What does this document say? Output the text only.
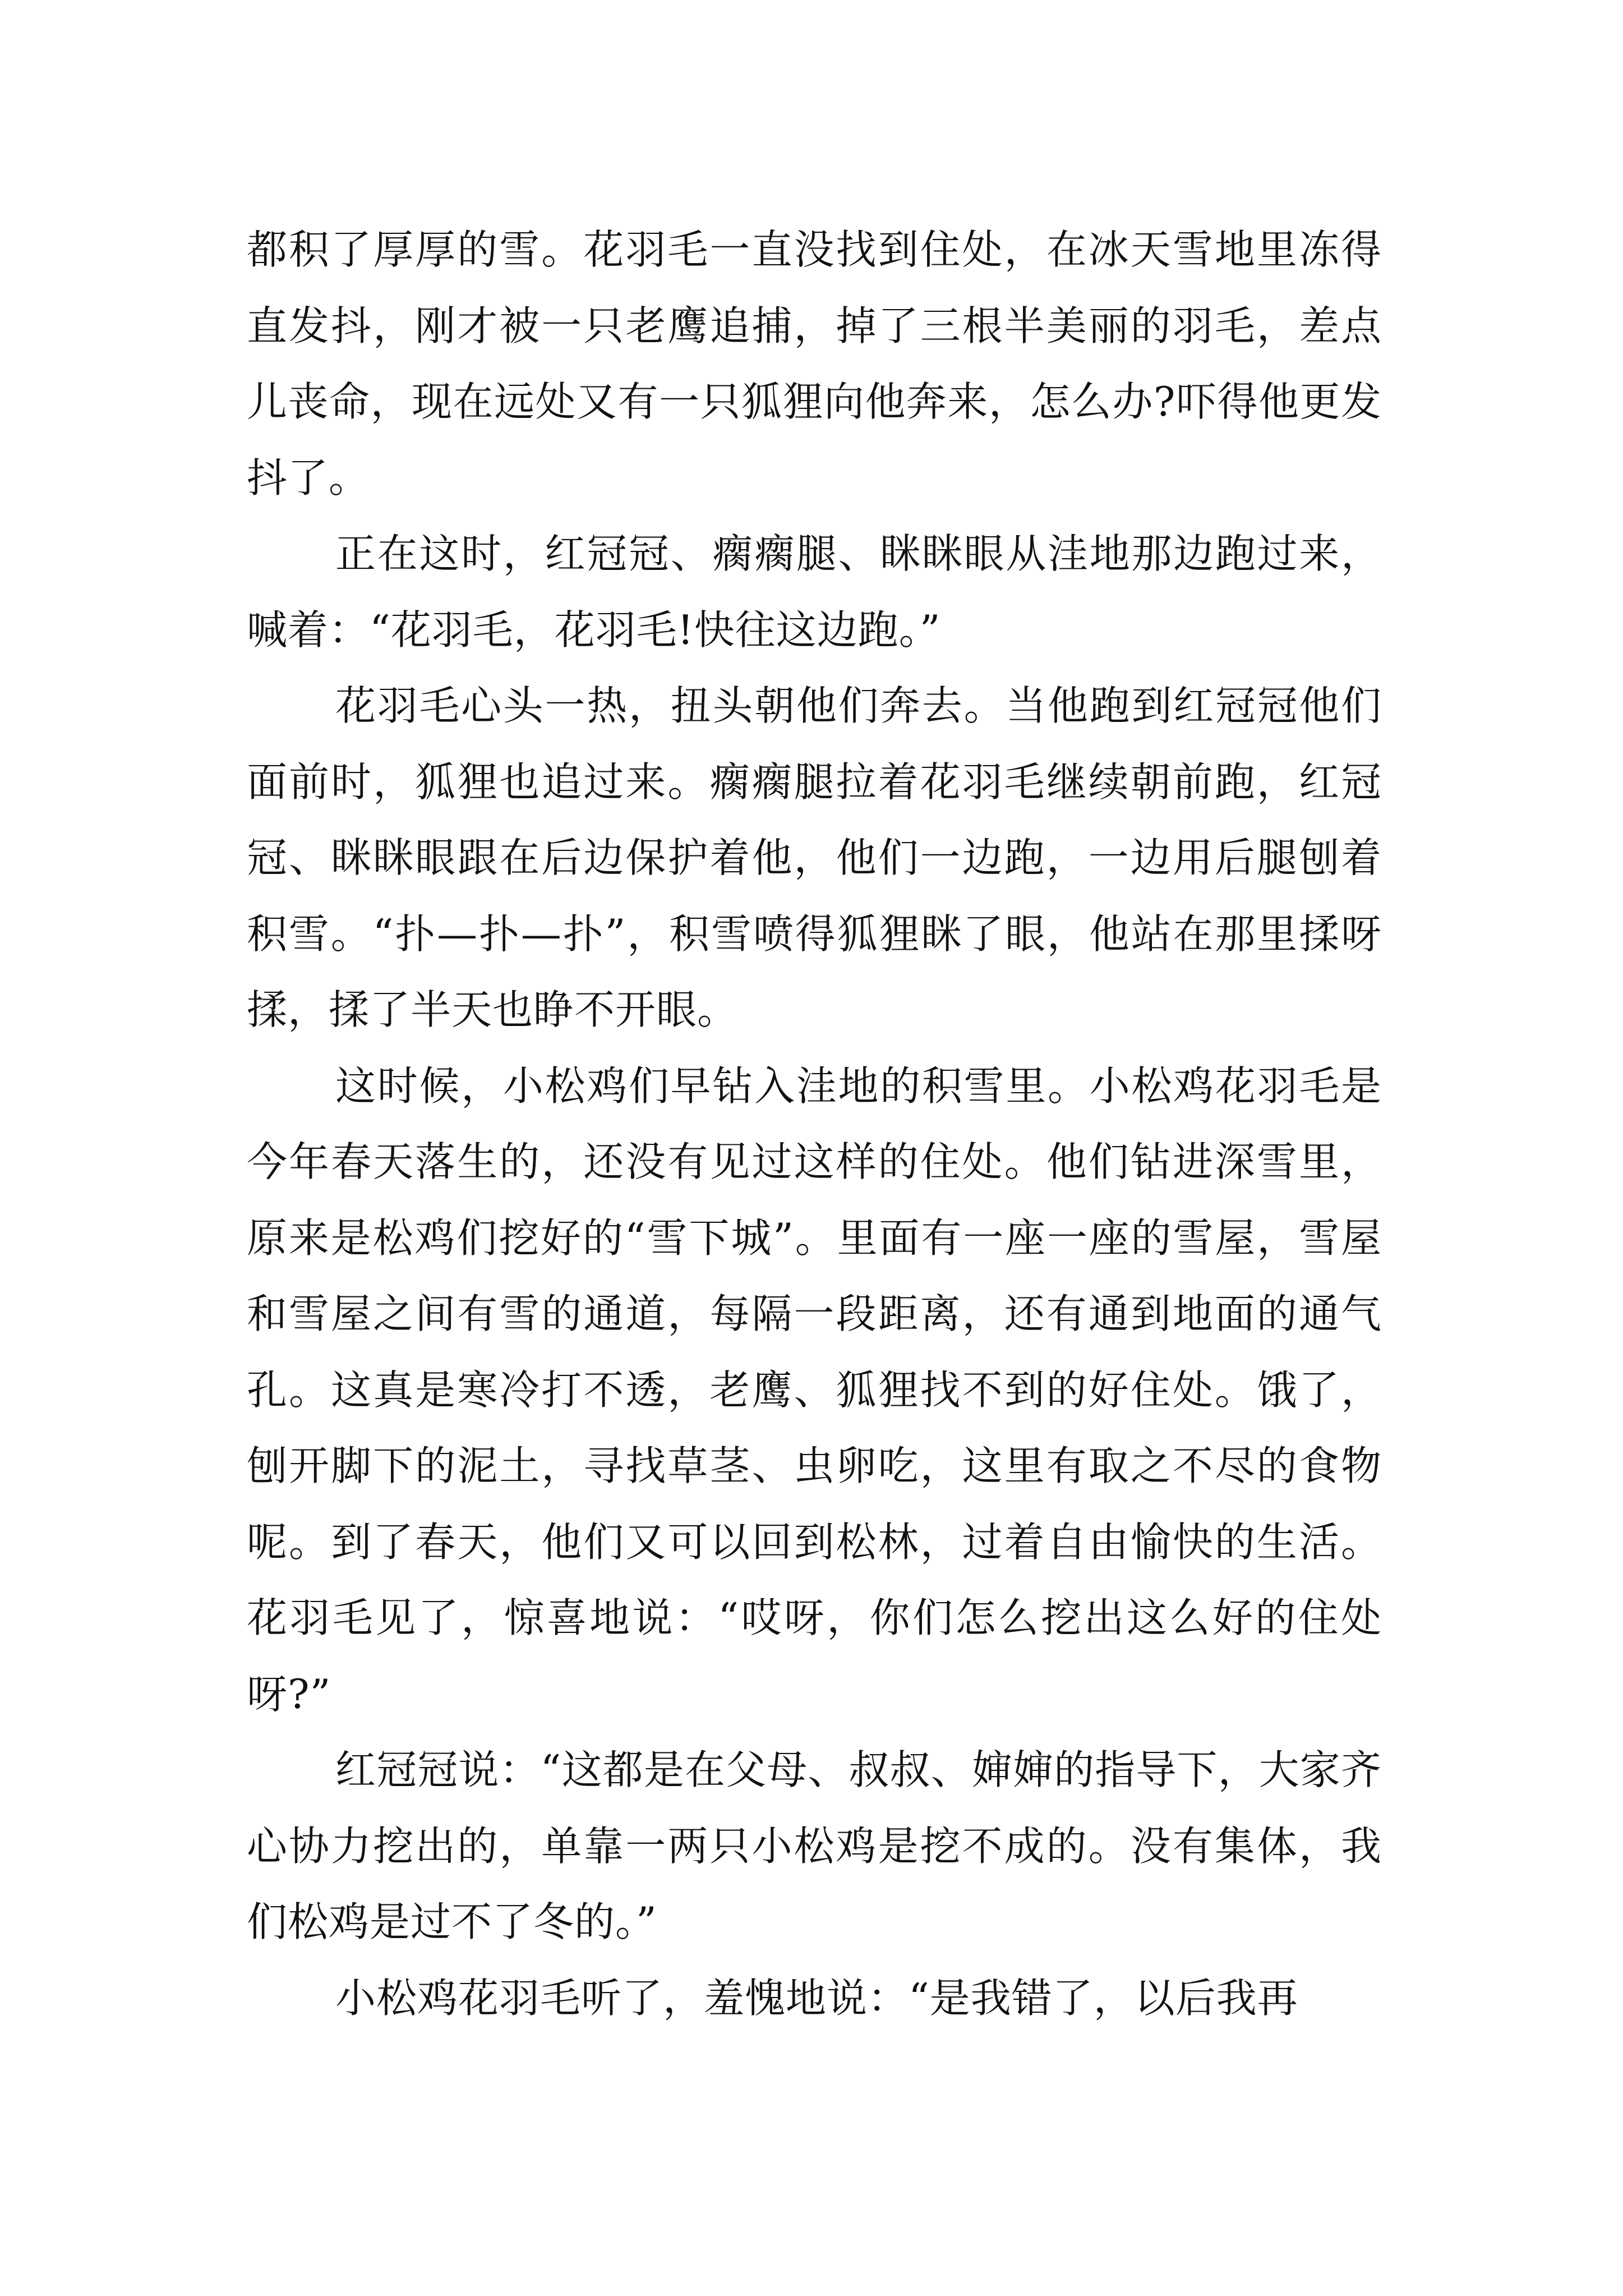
都积了厚厚的雪。花羽毛一直没找到住处，在冰天雪地里冻得直发抖，刚才被一只老鹰追捕，掉了三根半美丽的羽毛，差点儿丧命，现在远处又有一只狐狸向他奔来，怎么办?吓得他更发抖了。

正在这时，红冠冠、瘸瘸腿、眯眯眼从洼地那边跑过来，喊着：“花羽毛，花羽毛!快往这边跑。”

花羽毛心头一热，扭头朝他们奔去。当他跑到红冠冠他们面前时，狐狸也追过来。瘸瘸腿拉着花羽毛继续朝前跑，红冠冠、眯眯眼跟在后边保护着他，他们一边跑，一边用后腿刨着积雪。“扑—扑—扑”，积雪喷得狐狸眯了眼，他站在那里揉呀揉，揉了半天也睁不开眼。

这时候，小松鸡们早钻入洼地的积雪里。小松鸡花羽毛是今年春天落生的，还没有见过这样的住处。他们钻进深雪里，原来是松鸡们挖好的“雪下城”。里面有一座一座的雪屋，雪屋和雪屋之间有雪的通道，每隔一段距离，还有通到地面的通气孔。这真是寒冷打不透，老鹰、狐狸找不到的好住处。饿了，刨开脚下的泥土，寻找草茎、虫卵吃，这里有取之不尽的食物呢。到了春天，他们又可以回到松林，过着自由愉快的生活。花羽毛见了，惊喜地说：“哎呀，你们怎么挖出这么好的住处呀?”

红冠冠说：“这都是在父母、叔叔、婶婶的指导下，大家齐心协力挖出的，单靠一两只小松鸡是挖不成的。没有集体，我们松鸡是过不了冬的。”

小松鸡花羽毛听了，羞愧地说：“是我错了，以后我再
